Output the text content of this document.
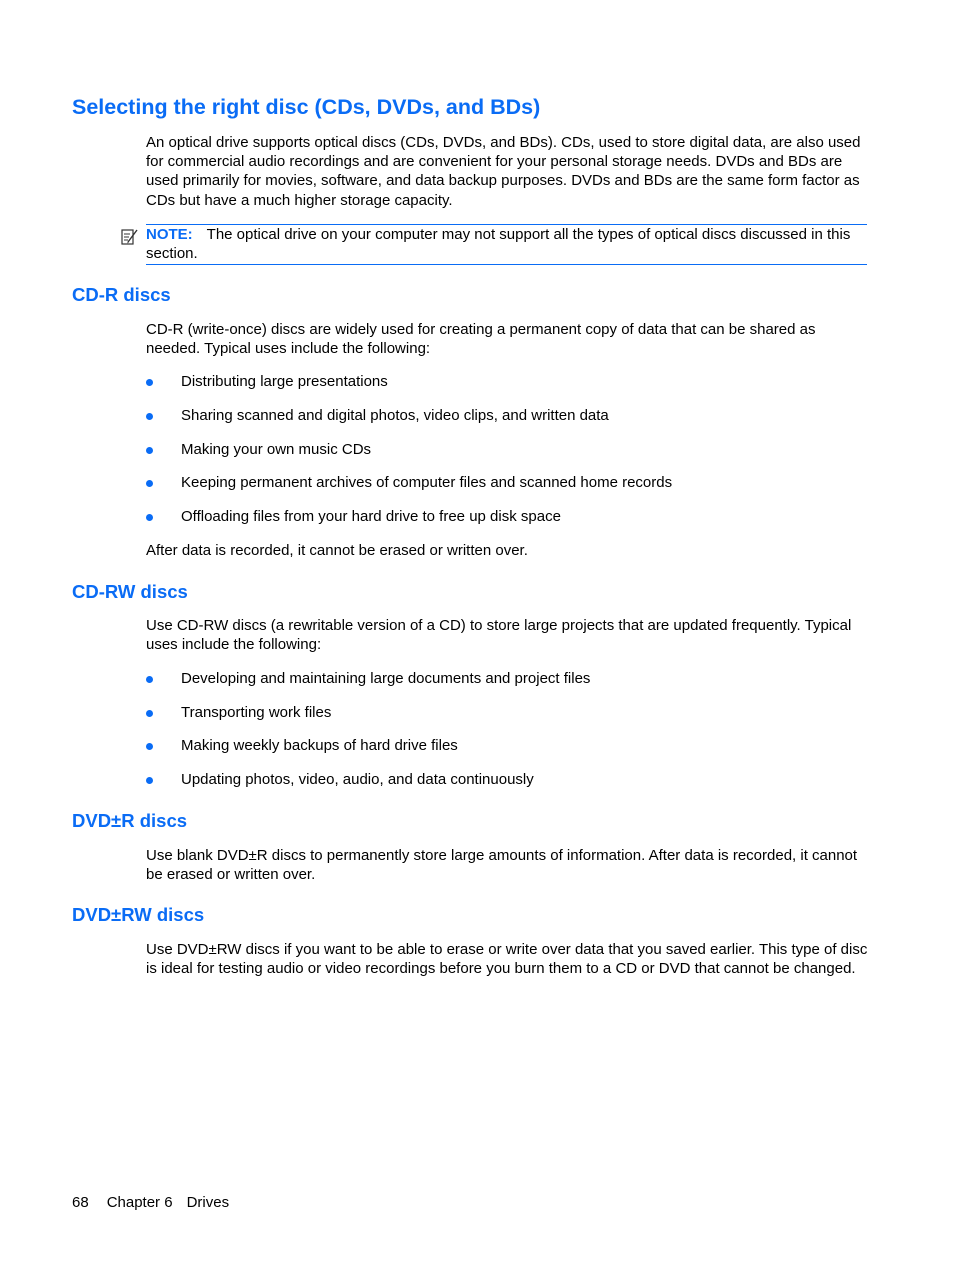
Selecting the right disc (CDs, DVDs, and BDs)

An optical drive supports optical discs (CDs, DVDs, and BDs). CDs, used to store digital data, are also used for commercial audio recordings and are convenient for your personal storage needs. DVDs and BDs are used primarily for movies, software, and data backup purposes. DVDs and BDs are the same form factor as CDs but have a much higher storage capacity.

NOTE: The optical drive on your computer may not support all the types of optical discs discussed in this section.
CD-R discs

CD-R (write-once) discs are widely used for creating a permanent copy of data that can be shared as needed. Typical uses include the following:

Distributing large presentations
Sharing scanned and digital photos, video clips, and written data
Making your own music CDs
Keeping permanent archives of computer files and scanned home records
Offloading files from your hard drive to free up disk space

After data is recorded, it cannot be erased or written over.

CD-RW discs

Use CD-RW discs (a rewritable version of a CD) to store large projects that are updated frequently. Typical uses include the following:

Developing and maintaining large documents and project files
Transporting work files
Making weekly backups of hard drive files
Updating photos, video, audio, and data continuously
DVD±R discs

Use blank DVD±R discs to permanently store large amounts of information. After data is recorded, it cannot be erased or written over.

DVD±RW discs

Use DVD±RW discs if you want to be able to erase or write over data that you saved earlier. This type of disc is ideal for testing audio or video recordings before you burn them to a CD or DVD that cannot be changed.

68 Chapter 6 Drives
